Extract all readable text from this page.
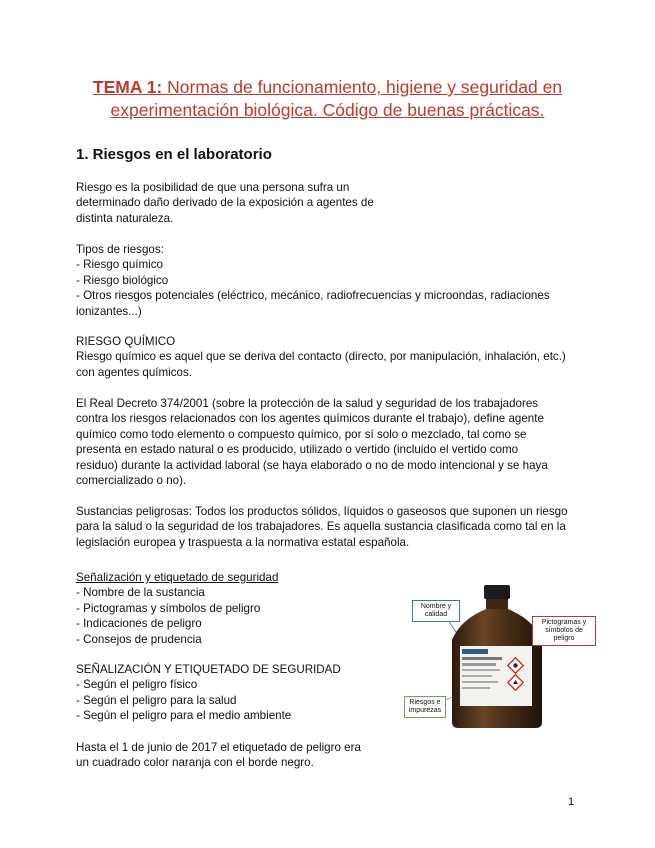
TEMA 1: Normas de funcionamiento, higiene y seguridad en
experimentación biológica. Código de buenas prácticas.
1. Riesgos en el laboratorio

Riesgo es la posibilidad de que una persona sufra un

determinado daño derivado de la exposición a agentes de

distinta naturaleza.

Tipos de riesgos:

- Riesgo químico

- Riesgo biológico

- Otros riesgos potenciales (eléctrico, mecánico, radiofrecuencias y microondas, radiaciones

ionizantes...)

RIESGO QUÍMICO

Riesgo químico es aquel que se deriva del contacto (directo, por manipulación, inhalación, etc.)

con agentes químicos.

El Real Decreto 374/2001 (sobre la protección de la salud y seguridad de los trabajadores

contra los riesgos relacionados con los agentes químicos durante el trabajo), define agente

químico como todo elemento o compuesto químico, por sí solo o mezclado, tal como se

presenta en estado natural o es producido, utilizado o vertido (incluido el vertido como

residuo) durante la actividad laboral (se haya elaborado o no de modo intencional y se haya

comercializado o no).

Sustancias peligrosas: Todos los productos sólidos, líquidos o gaseosos que suponen un riesgo

para la salud o la seguridad de los trabajadores. Es aquella sustancia clasificada como tal en la

legislación europea y traspuesta a la normativa estatal española.

Señalización y etiquetado de seguridad

- Nombre de la sustancia

- Pictogramas y símbolos de peligro

- Indicaciones de peligro

- Consejos de prudencia

SEÑALIZACIÓN Y ETIQUETADO DE SEGURIDAD

- Según el peligro físico

- Según el peligro para la salud

- Según el peligro para el medio ambiente

Hasta el 1 de junio de 2017 el etiquetado de peligro era

un cuadrado color naranja con el borde negro.

Nombre y calidad
Pictogramas y símbolos de peligro
Riesgos e impurezas
1
